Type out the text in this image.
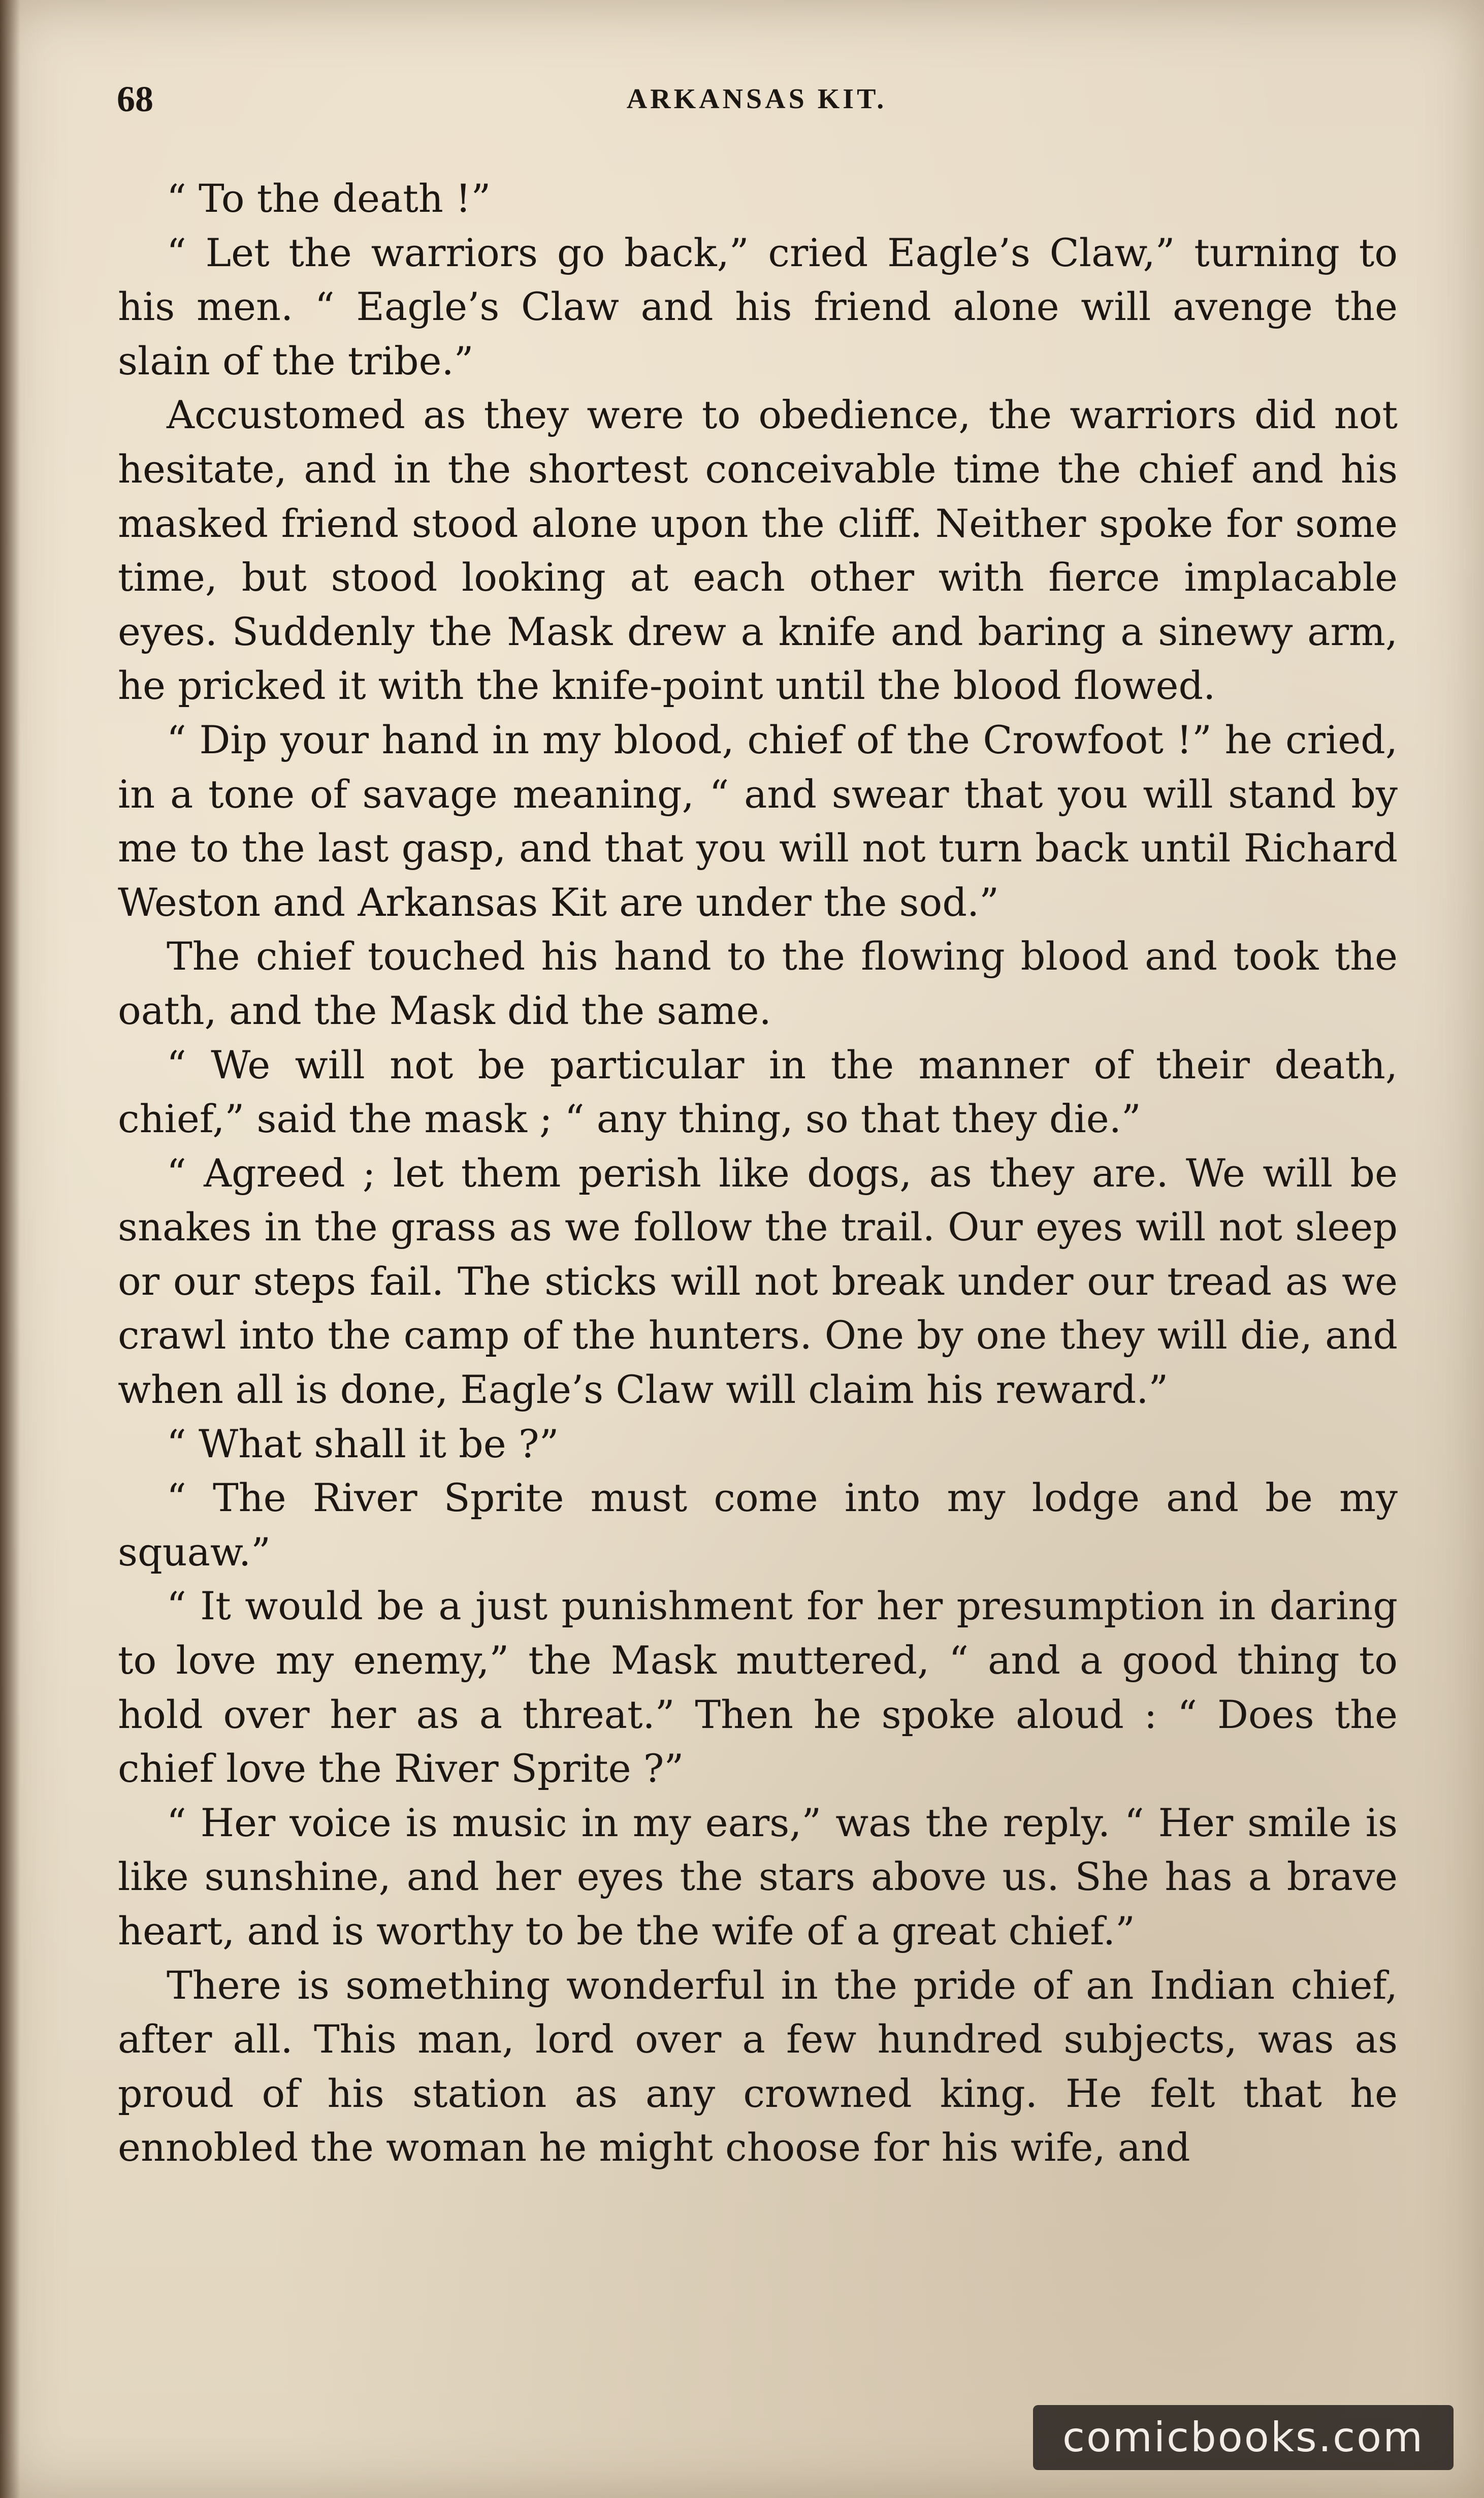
68	ARKANSAS KIT.

“ To the death !”

“ Let the warriors go back,” cried Eagle’s Claw,” turning to his men. “ Eagle’s Claw and his friend alone will avenge the slain of the tribe.”

Accustomed as they were to obedience, the warriors did not hesitate, and in the shortest conceivable time the chief and his masked friend stood alone upon the cliff. Neither spoke for some time, but stood looking at each other with fierce implacable eyes. Suddenly the Mask drew a knife and baring a sinewy arm, he pricked it with the knife-point until the blood flowed.

“ Dip your hand in my blood, chief of the Crowfoot !” he cried, in a tone of savage meaning, “ and swear that you will stand by me to the last gasp, and that you will not turn back until Richard Weston and Arkansas Kit are under the sod.”

The chief touched his hand to the flowing blood and took the oath, and the Mask did the same.

“ We will not be particular in the manner of their death, chief,” said the mask ; “ any thing, so that they die.”

“ Agreed ; let them perish like dogs, as they are. We will be snakes in the grass as we follow the trail. Our eyes will not sleep or our steps fail. The sticks will not break under our tread as we crawl into the camp of the hunters. One by one they will die, and when all is done, Eagle’s Claw will claim his reward.”

“ What shall it be ?”

“ The River Sprite must come into my lodge and be my squaw.”

“ It would be a just punishment for her presumption in daring to love my enemy,” the Mask muttered, “ and a good thing to hold over her as a threat.” Then he spoke aloud : “ Does the chief love the River Sprite ?”

“ Her voice is music in my ears,” was the reply. “ Her smile is like sunshine, and her eyes the stars above us. She has a brave heart, and is worthy to be the wife of a great chief.”

There is something wonderful in the pride of an Indian chief, after all. This man, lord over a few hundred subjects, was as proud of his station as any crowned king. He felt that he ennobled the woman he might choose for his wife, and

comicbooks.com
